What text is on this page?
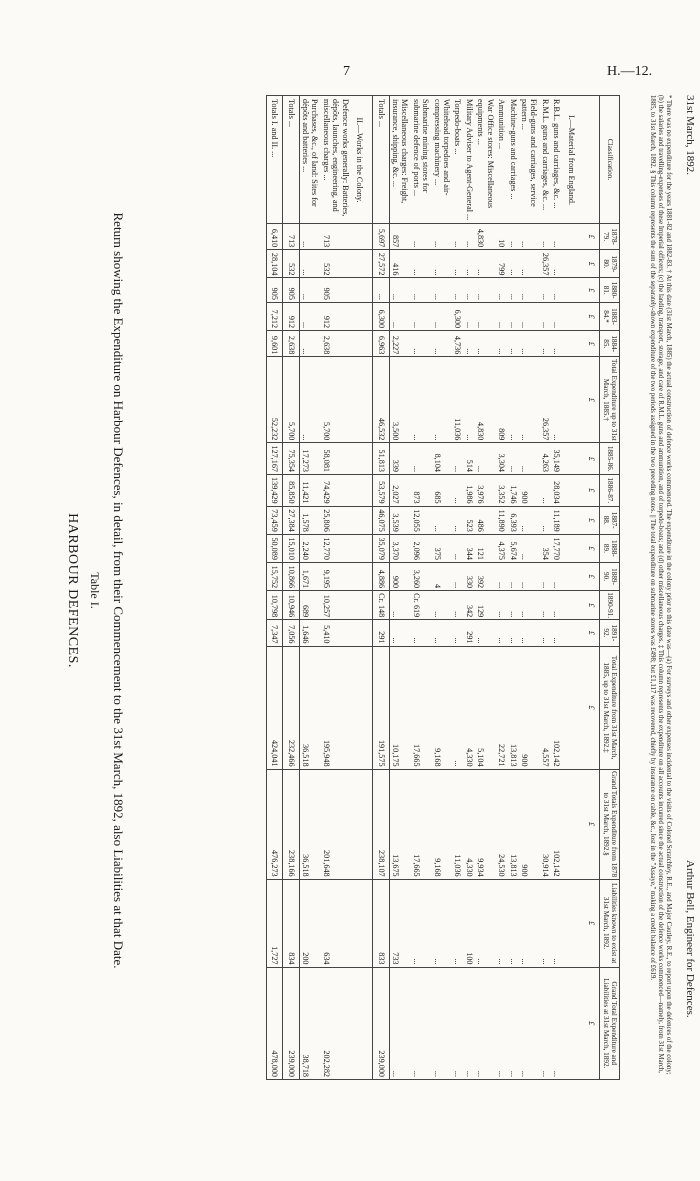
7	H.—12.
HARBOUR DEFENCES. Table I. Return showing the Expenditure on Harbour Defences, in detail, from their Commencement to the 31st March, 1892, also Liabilities at that Date.
Classification.	1878-79.	1879-80.	1880-81.	1883-84.*	1884-85.	Total Expenditure up to 31st March, 1885.†	1885-86.	1886-87.	1887-88.	1888-89.	1889-90.	1890-91.	1891-92.	Total Expenditure from 31st March, 1885, up to 31st March, 1892.‡	Grand Totals Expenditure from 1878 to 31st March, 1892.§	Liabilities known to exist at 31st March, 1892.	Grand Total Expenditure and Liabilities at 31st March, 1892.
	£	£	£	£	£	£	£	£	£	£	£	£	£	£	£	£	£
I.—Material from England.																	
R.B.L. guns and carriages, &c. ...	...	...	...	...	...	...	35,149	28,034	11,189	17,770	...	...	...	102,142	102,142	...	...
R.M.L. guns and carriages, &c. ...	...	26,357	...	...	...	26,357	4,263	...	...	354	...	...	...	4,557	30,914	...	...
Field-guns and carriages, service pattern ...	...	...	...	...	...	...	...	900	...	...	...	...	...	900	900	...	...
Machine-guns and carriages ...	...	...	...	...	...	...	...	1,746	6,393	5,674	...	...	...	13,813	13,813	...	...
Ammunition ...	10	799	...	...	...	809	3,304	3,352	11,890	4,375	...	...	...	22,721	24,530	...	...
War Office stores: Miscellaneous equipments ...	4,830	...	...	...	...	4,830	...	3,976	486	121	392	129	...	5,104	9,934	...	...
Military Adviser to Agent-General ...	...	...	...	...	...	...	514	1,986	523	344	330	342	291	4,330	4,330	100	...
Torpedo-boats ...	...	...	...	6,300	4,736	11,036	...	...	...	...	...	...	...	...	11,036	...	...
Whitehead torpedoes and air-compressing machinery ...	...	...	...	...	...	...	8,104	685	...	375	4	...	...	9,168	9,168	...	...
Submarine mining stores for submarine defence of ports ...	...	...	...	...	...	...	...	873	12,055	2,096	3,260	Cr. 619	...	17,665	17,665	...	...
Miscellaneous charges: Freight, insurance, shipping, &c. ...	857	416	...	...	2,227	3,500	339	2,027	3,539	3,370	900	...	...	10,175	13,675	733	...
Totals ...	5,697	27,572	...	6,300	6,963	46,532	51,813	53,579	46,075	35,079	4,886	Cr. 148	291	191,575	238,107	833	239,000
II.—Works in the Colony.																	
Defence works generally: Batteries, dépôts, launches, engineering, and miscellaneous charges ...	713	532	905	912	2,638	5,700	58,081	74,429	25,806	12,770	9,195	10,257	5,410	195,948	201,648	634	202,282
Purchases, &c., of land: Sites for dépôts and batteries ...	...	...	...	...	...	...	17,273	11,421	1,578	2,240	1,671	689	1,646	36,518	36,518	200	38,718
Totals ...	713	532	905	912	2,638	5,700	75,354	85,850	27,384	15,010	10,866	10,946	7,056	232,466	238,166	834	239,000
Totals I. and II. ...	6,410	28,104	905	7,212	9,601	52,232	127,167	139,429	73,459	50,089	15,752	10,798	7,347	424,041	476,273	1,727	478,000	* There was no expenditure for the years 1881-82 and 1882-83. † At this date (31st March, 1885) the actual construction of defence works commenced. The expenditure in the colony prior to this date was—(a) For surveys and other expenses incidental to the visits of Colonel Scratchley, R.E., and Major Cautley, R.E., to report upon the defences of the colony; (b) the salaries and travelling-expenses of these Imperial officers; (c) the landing, transport, storage, and care of R.M.L. guns and ammunition, and of torpedo-boats; and (d) other miscellaneous charges. ‡ This column represents the expenditure on all accounts incurred since the actual construction of the defence works commenced—namely, from 31st March, 1885, to 31st March, 1892. § This column represents the sum of the separately-shown expenditure of the two periods assigned in the two preceding notes. || The total expenditure on submarine stores was £498; but £1,117 was recovered, chiefly by insurance on cable, &c., lost in the "Assaye," making a credit balance of £619.	31st March, 1892.
Arthur Bell, Engineer for Defences.
